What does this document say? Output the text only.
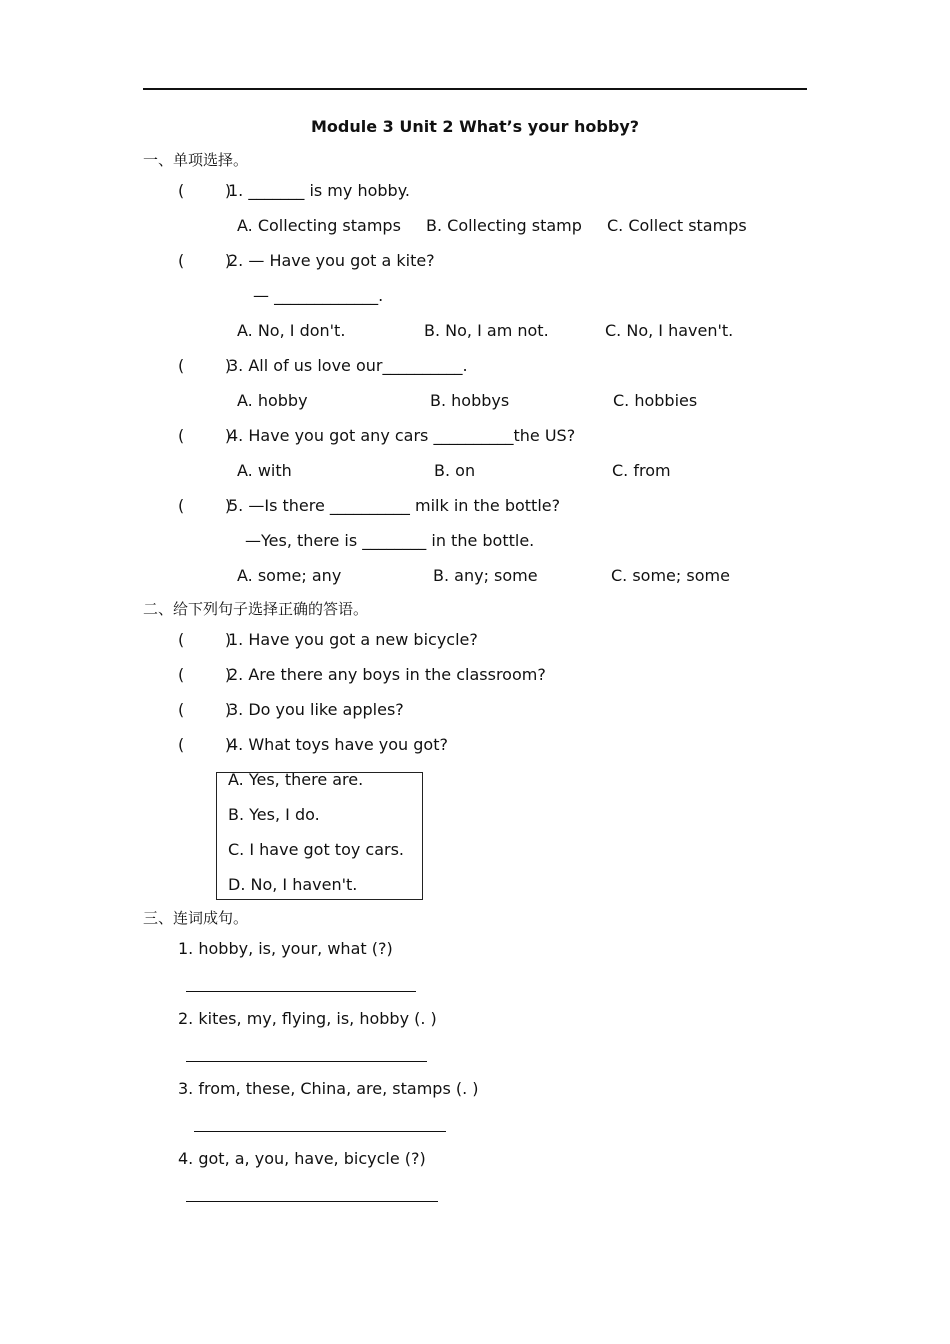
Module 3 Unit 2 What’s your hobby?
一、单项选择。
(        )
1. _______ is my hobby.
A. Collecting stamps B. Collecting stamp C. Collect stamps
(        )
2. — Have you got a kite?
— _____________.
A. No, I don't.	B. No, I am not.	C. No, I haven't.
(        )
3. All of us love our__________.
A. hobby	B. hobbys	C. hobbies
(        )
4. Have you got any cars __________the US?
A. with	B. on	C. from
(        )
5. —Is there __________ milk in the bottle?
—Yes, there is ________ in the bottle.
A. some; any	B. any; some	C. some; some
二、给下列句子选择正确的答语。
(        )
1. Have you got a new bicycle?
(        )
2. Are there any boys in the classroom?
(        )
3. Do you like apples?
(        )
4. What toys have you got?
A. Yes, there are.
B. Yes, I do.
C. I have got toy cars.
D. No, I haven't.
三、连词成句。
1. hobby, is, your, what (?)
2. kites, my, flying, is, hobby (. )
3. from, these, China, are, stamps (. )
4. got, a, you, have, bicycle (?)
